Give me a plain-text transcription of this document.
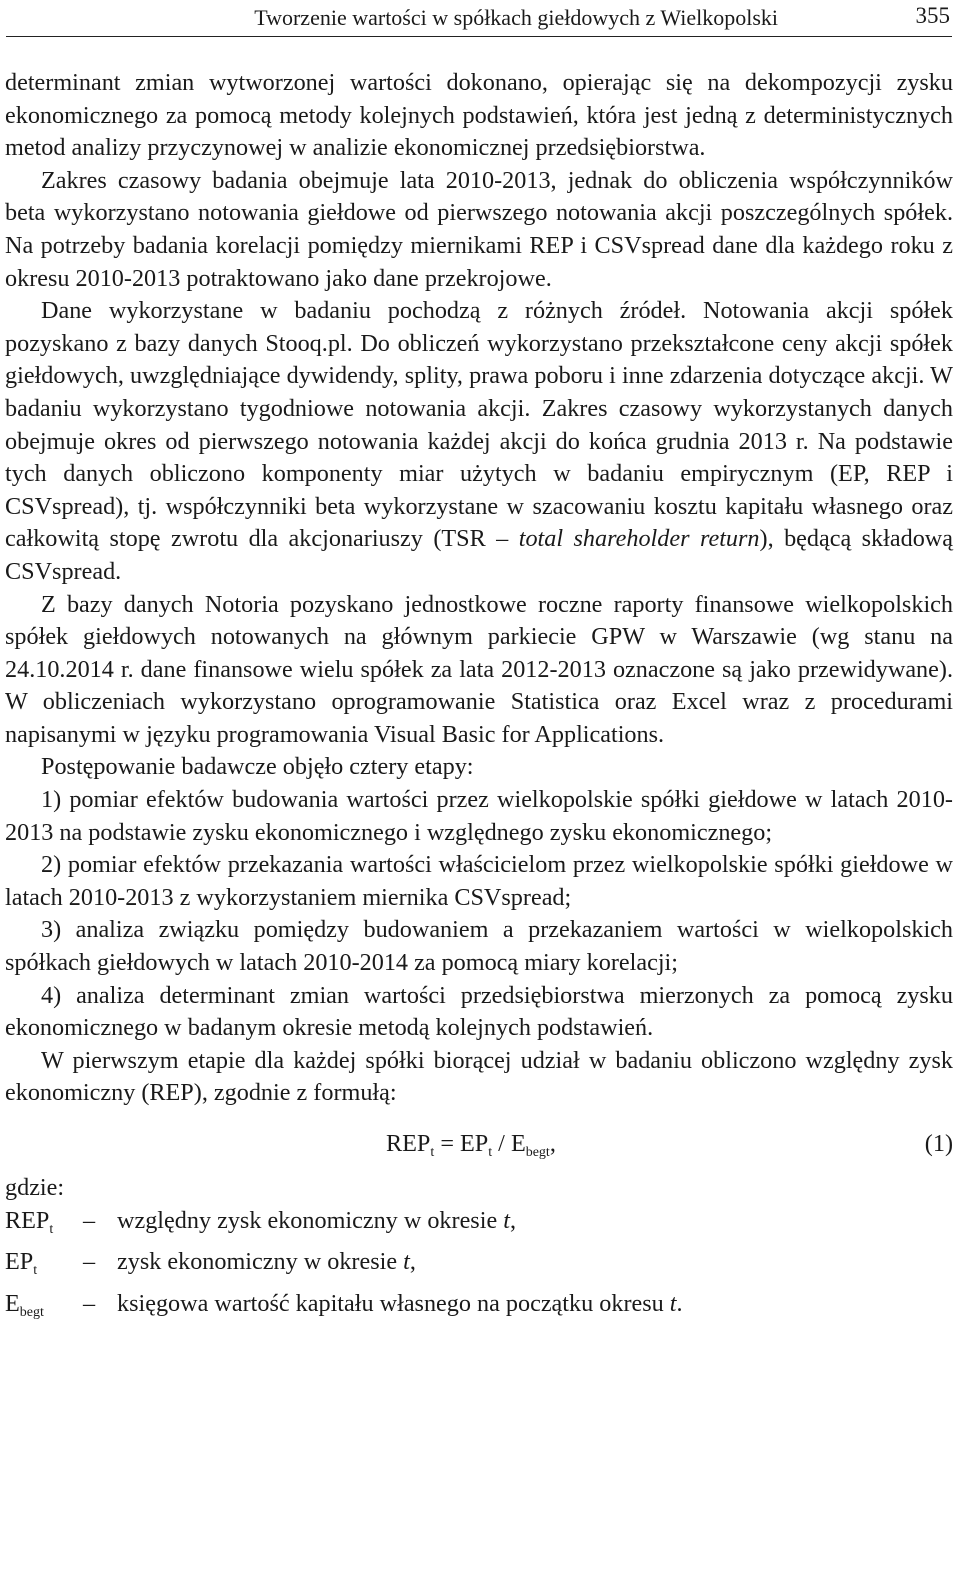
Tworzenie wartości w spółkach giełdowych z Wielkopolski	355

determinant zmian wytworzonej wartości dokonano, opierając się na dekompozycji zysku ekonomicznego za pomocą metody kolejnych podstawień, która jest jedną z deterministycznych metod analizy przyczynowej w analizie ekonomicznej przedsiębiorstwa.

Zakres czasowy badania obejmuje lata 2010-2013, jednak do obliczenia współczynników beta wykorzystano notowania giełdowe od pierwszego notowania akcji poszczególnych spółek. Na potrzeby badania korelacji pomiędzy miernikami REP i CSVspread dane dla każdego roku z okresu 2010-2013 potraktowano jako dane przekrojowe.

Dane wykorzystane w badaniu pochodzą z różnych źródeł. Notowania akcji spółek pozyskano z bazy danych Stooq.pl. Do obliczeń wykorzystano przekształcone ceny akcji spółek giełdowych, uwzględniające dywidendy, splity, prawa poboru i inne zdarzenia dotyczące akcji. W badaniu wykorzystano tygodniowe notowania akcji. Zakres czasowy wykorzystanych danych obejmuje okres od pierwszego notowania każdej akcji do końca grudnia 2013 r. Na podstawie tych danych obliczono komponenty miar użytych w badaniu empirycznym (EP, REP i CSVspread), tj. współczynniki beta wykorzystane w szacowaniu kosztu kapitału własnego oraz całkowitą stopę zwrotu dla akcjonariuszy (TSR – total shareholder return), będącą składową CSVspread.

Z bazy danych Notoria pozyskano jednostkowe roczne raporty finansowe wielkopolskich spółek giełdowych notowanych na głównym parkiecie GPW w Warszawie (wg stanu na 24.10.2014 r. dane finansowe wielu spółek za lata 2012-2013 oznaczone są jako przewidywane). W obliczeniach wykorzystano oprogramowanie Statistica oraz Excel wraz z procedurami napisanymi w języku programowania Visual Basic for Applications.

Postępowanie badawcze objęło cztery etapy:

1) pomiar efektów budowania wartości przez wielkopolskie spółki giełdowe w latach 2010-2013 na podstawie zysku ekonomicznego i względnego zysku ekonomicznego;

2) pomiar efektów przekazania wartości właścicielom przez wielkopolskie spółki giełdowe w latach 2010-2013 z wykorzystaniem miernika CSVspread;

3) analiza związku pomiędzy budowaniem a przekazaniem wartości w wielkopolskich spółkach giełdowych w latach 2010-2014 za pomocą miary korelacji;

4) analiza determinant zmian wartości przedsiębiorstwa mierzonych za pomocą zysku ekonomicznego w badanym okresie metodą kolejnych podstawień.

W pierwszym etapie dla każdej spółki biorącej udział w badaniu obliczono względny zysk ekonomiczny (REP), zgodnie z formułą:

$REP_t = EP_t / E_{begt}$,	(1)
gdzie:
$REP_t$	– względny zysk ekonomiczny w okresie t,
$EP_t$	– zysk ekonomiczny w okresie t,
$E_{begt}$	– księgowa wartość kapitału własnego na początku okresu t.
